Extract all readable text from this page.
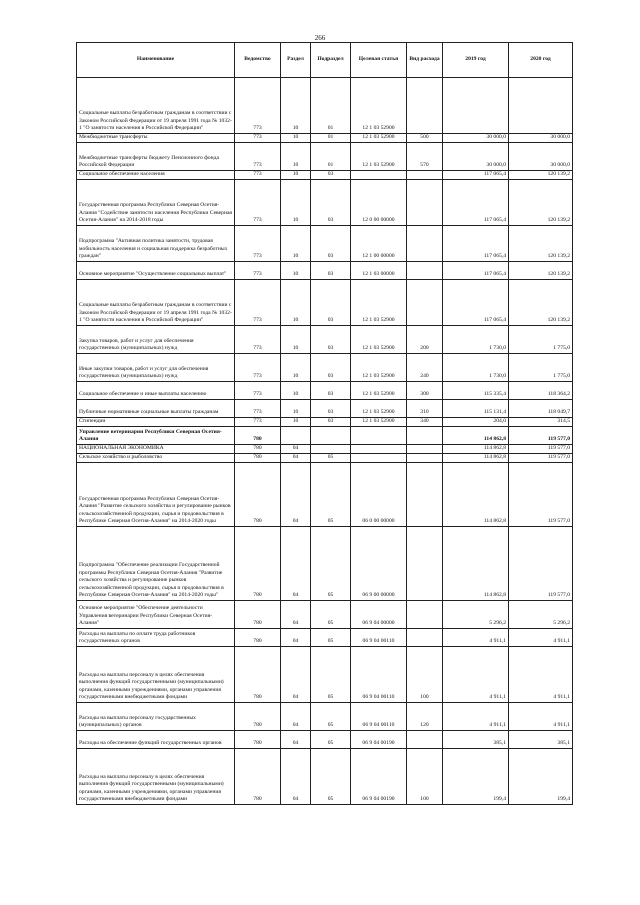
266
Наименование	Ведомство	Раздел	Подраздел	Целевая статья	Вид расхода	2019 год	2020 год
Социальные выплаты безработным гражданам в соответствии с Законом Российской Федерации от 19 апреля 1991 года № 1032-1 "О занятости населения в Российской Федерации"	773	10	01	12 1 03 52900			
Межбюджетные трансферты	773	10	01	12 1 03 52900	500	30 000,0	30 000,0
Межбюджетные трансферты бюджету Пенсионного фонда Российской Федерации	773	10	01	12 1 03 52900	570	30 000,0	30 000,0
Социальное обеспечение населения	773	10	03			117 065,4	120 139,2
Государственная программа Республики Северная Осетия-Алания "Содействие занятости населения Республики Северная Осетия-Алания" на 2014-2018 годы	773	10	03	12 0 00 00000		117 065,4	120 139,2
Подпрограмма "Активная политика занятости, трудовая мобильность населения и социальная поддержка безработных граждан"	773	10	03	12 1 00 00000		117 065,4	120 139,2
Основное мероприятие "Осуществление социальных выплат"	773	10	03	12 1 03 00000		117 065,4	120 139,2
Социальные выплаты безработным гражданам в соответствии с Законом Российской Федерации от 19 апреля 1991 года № 1032-1 "О занятости населения в Российской Федерации"	773	10	03	12 1 03 52900		117 065,4	120 139,2
Закупка товаров, работ и услуг для обеспечения государственных (муниципальных) нужд	773	10	03	12 1 03 52900	200	1 730,0	1 775,0
Иные закупки товаров, работ и услуг для обеспечения государственных (муниципальных) нужд	773	10	03	12 1 03 52900	240	1 730,0	1 775,0
Социальное обеспечение и иные выплаты населению	773	10	03	12 1 03 52900	300	115 335,4	118 364,2
Публичные нормативные социальные выплаты гражданам	773	10	03	12 1 03 52900	310	115 131,4	118 049,7
Стипендии	773	10	03	12 1 03 52900	340	204,0	314,5
Управление ветеринарии Республики Северная Осетия-Алания	780					114 862,8	119 577,0
НАЦИОНАЛЬНАЯ ЭКОНОМИКА	780	04				114 862,8	119 577,0
Сельское хозяйство и рыболовство	780	04	05			114 862,8	119 577,0
Государственная программа Республики Северная Осетия-Алания "Развитие сельского хозяйства и регулирование рынков сельскохозяйственной продукции, сырья и продовольствия в Республике Северная Осетия-Алания" на 2014-2020 годы	780	04	05	06 0 00 00000		114 862,8	119 577,0
Подпрограмма "Обеспечение реализации Государственной программы Республики Северная Осетия-Алания "Развитие сельского хозяйства и регулирование рынков сельскохозяйственной продукции, сырья и продовольствия в Республике Северная Осетия-Алания" на 2014-2020 годы"	780	04	05	06 9 00 00000		114 862,8	119 577,0
Основное мероприятие "Обеспечение деятельности Управления ветеринарии Республики Северная Осетия-Алания"	780	04	05	06 9 04 00000		5 296,2	5 296,2
Расходы на выплаты по оплате труда работников государственных органов	780	04	05	06 9 04 00110		4 911,1	4 911,1
Расходы на выплаты персоналу в целях обеспечения выполнения функций государственными (муниципальными) органами, казенными учреждениями, органами управления государственными внебюджетными фондами	780	04	05	06 9 04 00110	100	4 911,1	4 911,1
Расходы на выплаты персоналу государственных (муниципальных) органов	780	04	05	06 9 04 00110	120	4 911,1	4 911,1
Расходы на обеспечение функций государственных органов	780	04	05	06 9 04 00190		385,1	385,1
Расходы на выплаты персоналу в целях обеспечения выполнения функций государственными (муниципальными) органами, казенными учреждениями, органами управления государственными внебюджетными фондами	780	04	05	06 9 04 00190	100	199,4	199,4
